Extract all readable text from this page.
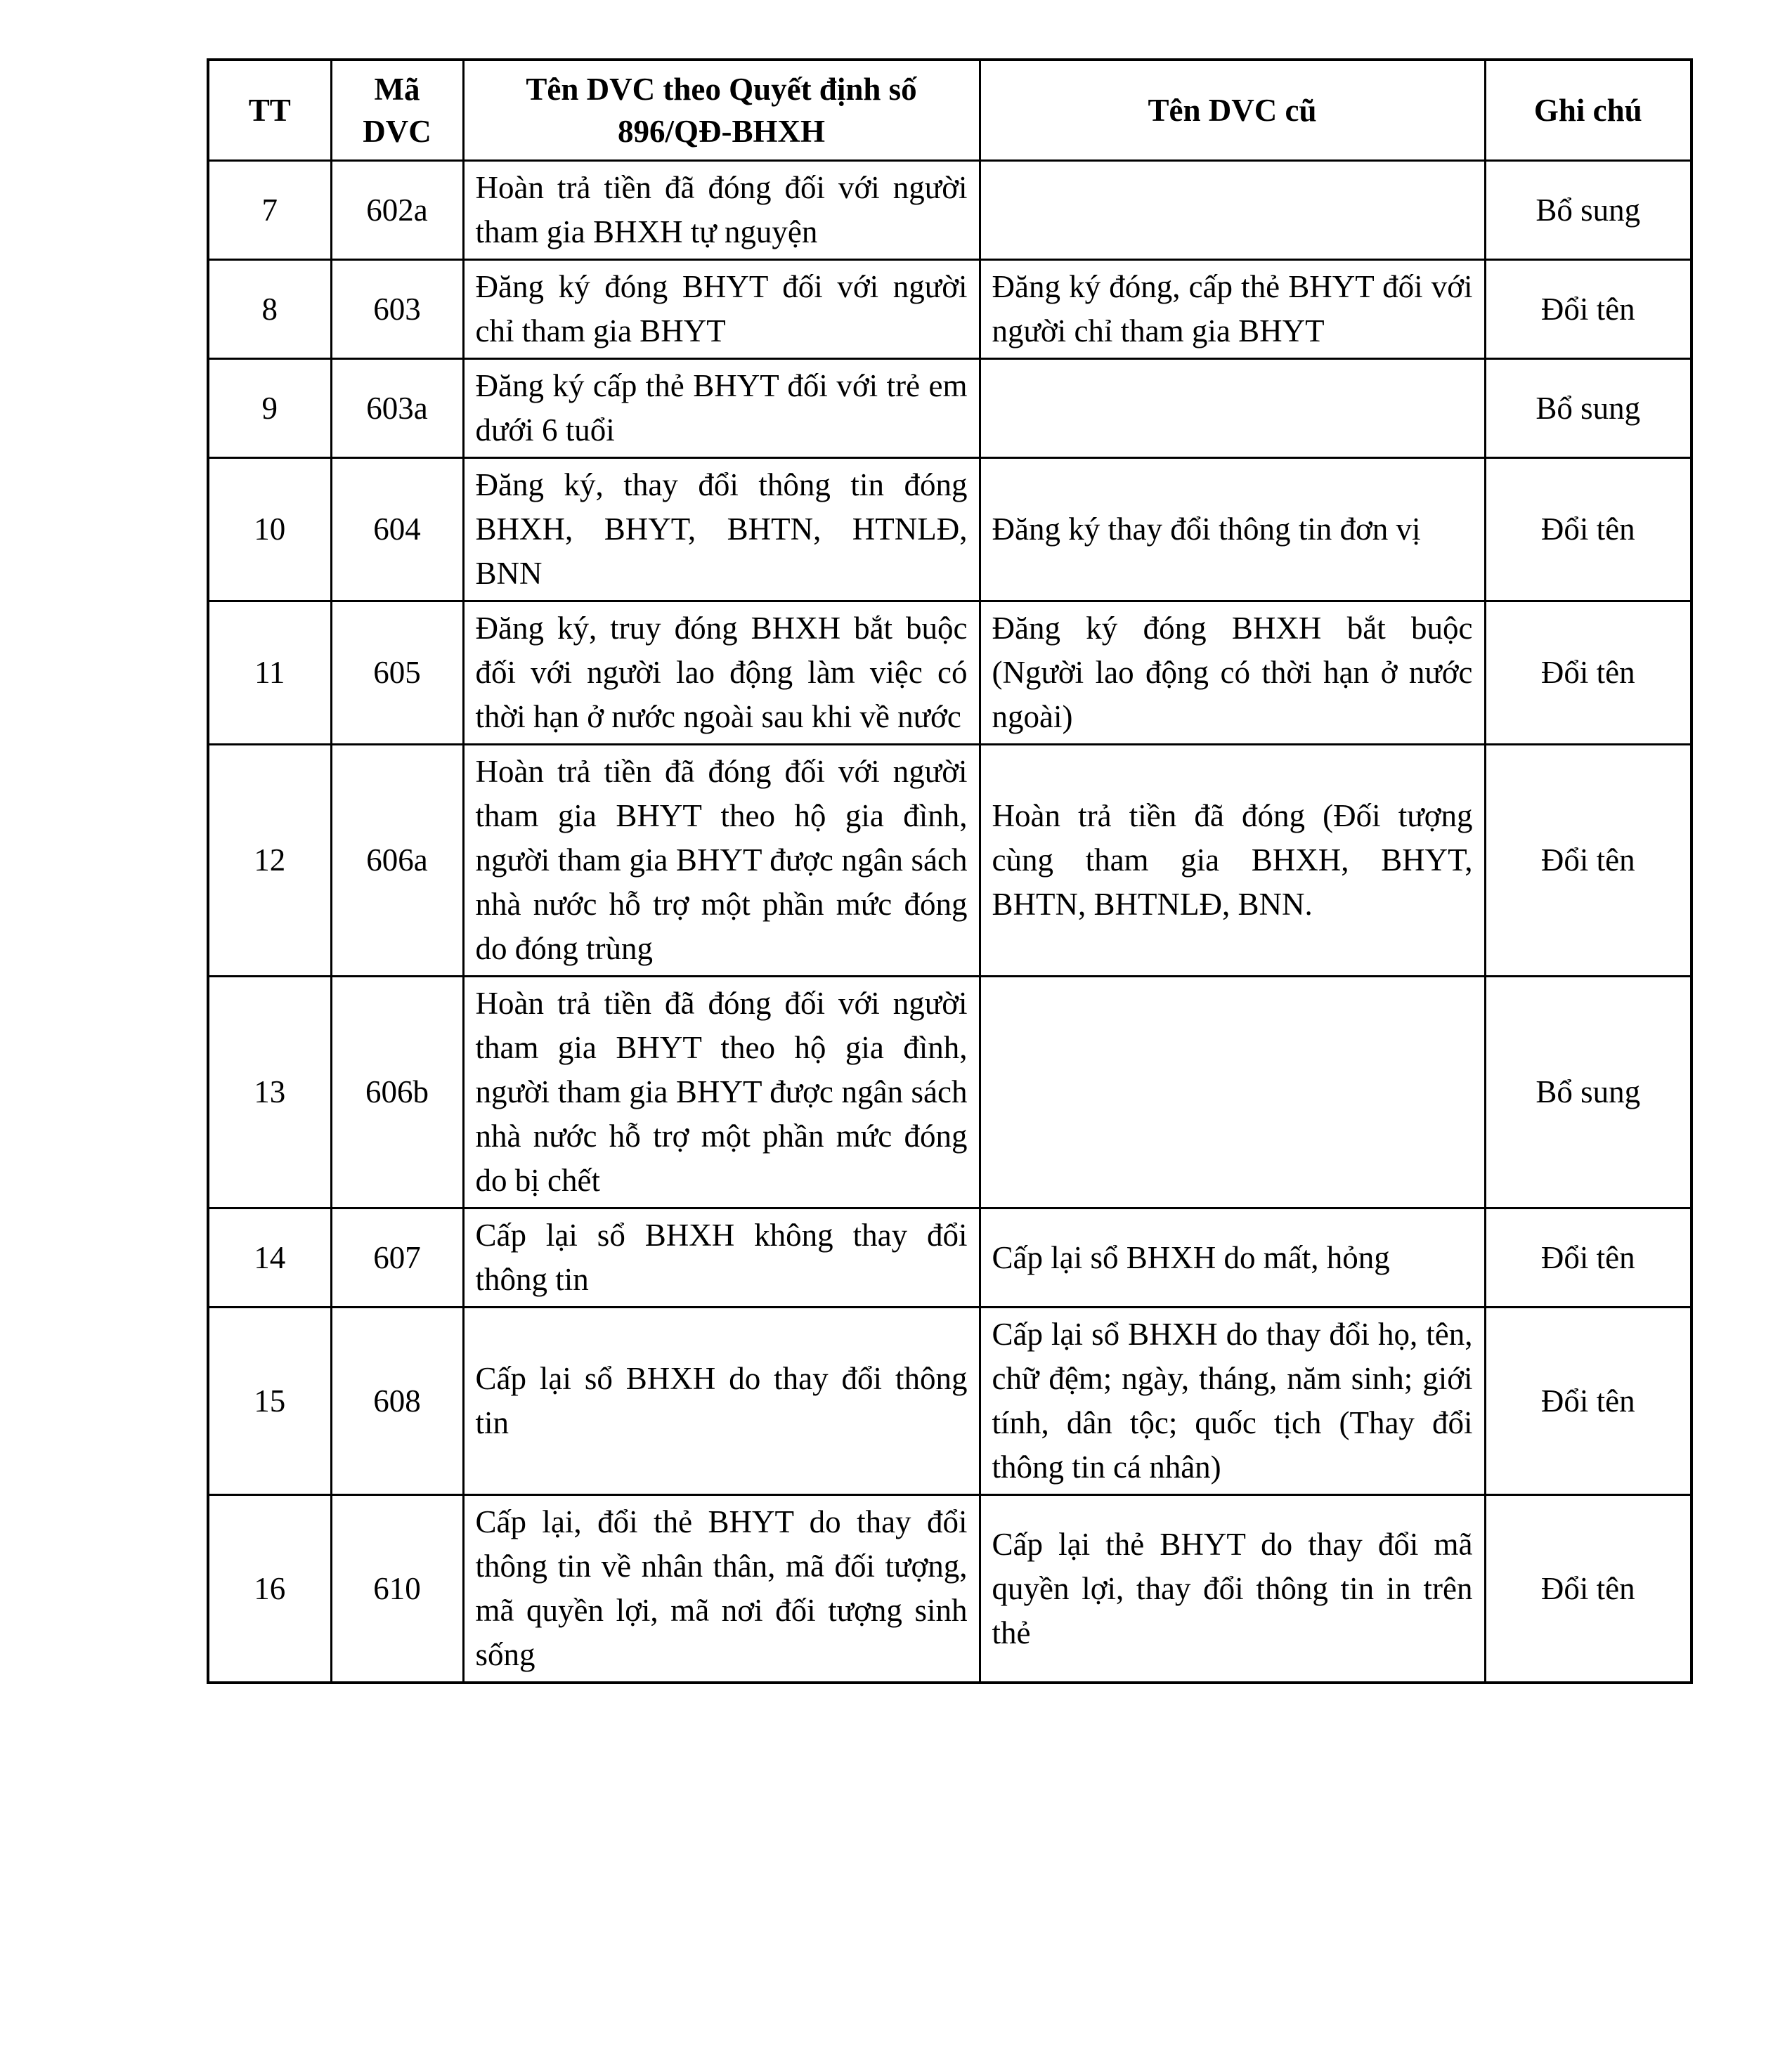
TT	Mã DVC	Tên DVC theo Quyết định số 896/QĐ-BHXH	Tên DVC cũ	Ghi chú
7	602a	Hoàn trả tiền đã đóng đối với người tham gia BHXH tự nguyện		Bổ sung
8	603	Đăng ký đóng BHYT đối với người chỉ tham gia BHYT	Đăng ký đóng, cấp thẻ BHYT đối với người chỉ tham gia BHYT	Đổi tên
9	603a	Đăng ký cấp thẻ BHYT đối với trẻ em dưới 6 tuổi		Bổ sung
10	604	Đăng ký, thay đổi thông tin đóng BHXH, BHYT, BHTN, HTNLĐ, BNN	Đăng ký thay đổi thông tin đơn vị	Đổi tên
11	605	Đăng ký, truy đóng BHXH bắt buộc đối với người lao động làm việc có thời hạn ở nước ngoài sau khi về nước	Đăng ký đóng BHXH bắt buộc (Người lao động có thời hạn ở nước ngoài)	Đổi tên
12	606a	Hoàn trả tiền đã đóng đối với người tham gia BHYT theo hộ gia đình, người tham gia BHYT được ngân sách nhà nước hỗ trợ một phần mức đóng do đóng trùng	Hoàn trả tiền đã đóng (Đối tượng cùng tham gia BHXH, BHYT, BHTN, BHTNLĐ, BNN.	Đổi tên
13	606b	Hoàn trả tiền đã đóng đối với người tham gia BHYT theo hộ gia đình, người tham gia BHYT được ngân sách nhà nước hỗ trợ một phần mức đóng do bị chết		Bổ sung
14	607	Cấp lại sổ BHXH không thay đổi thông tin	Cấp lại sổ BHXH do mất, hỏng	Đổi tên
15	608	Cấp lại sổ BHXH do thay đổi thông tin	Cấp lại sổ BHXH do thay đổi họ, tên, chữ đệm; ngày, tháng, năm sinh; giới tính, dân tộc; quốc tịch (Thay đổi thông tin cá nhân)	Đổi tên
16	610	Cấp lại, đổi thẻ BHYT do thay đổi thông tin về nhân thân, mã đối tượng, mã quyền lợi, mã nơi đối tượng sinh sống	Cấp lại thẻ BHYT do thay đổi mã quyền lợi, thay đổi thông tin in trên thẻ	Đổi tên
